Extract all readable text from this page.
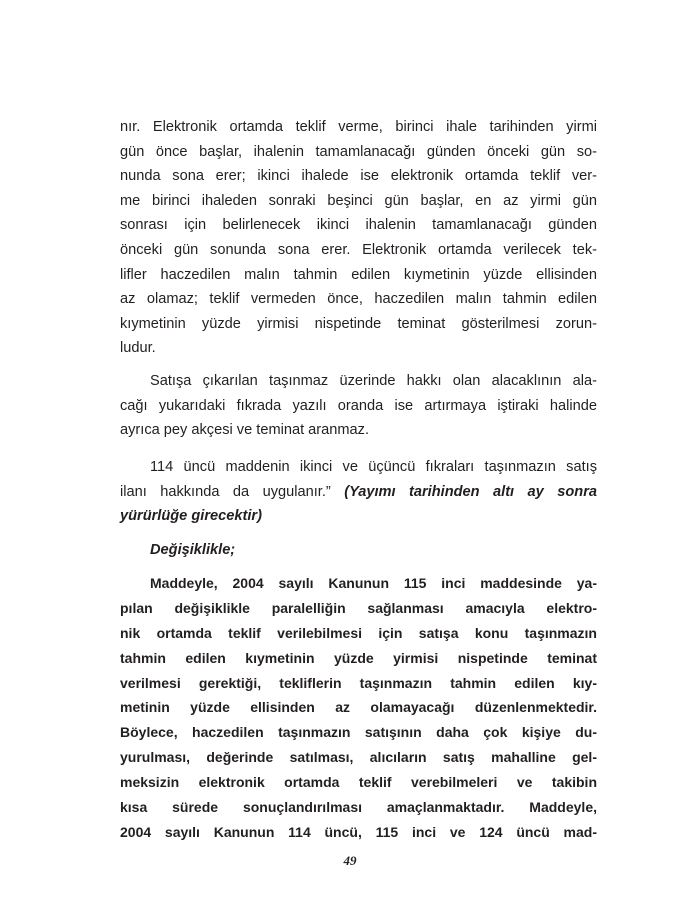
nır. Elektronik ortamda teklif verme, birinci ihale tarihinden yirmi
gün önce başlar, ihalenin tamamlanacağı günden önceki gün so-
nunda sona erer; ikinci ihalede ise elektronik ortamda teklif ver-
me birinci ihaleden sonraki beşinci gün başlar, en az yirmi gün
sonrası için belirlenecek ikinci ihalenin tamamlanacağı günden
önceki gün sonunda sona erer. Elektronik ortamda verilecek tek-
lifler haczedilen malın tahmin edilen kıymetinin yüzde ellisinden
az olamaz; teklif vermeden önce, haczedilen malın tahmin edilen
kıymetinin yüzde yirmisi nispetinde teminat gösterilmesi zorun-
ludur.
Satışa çıkarılan taşınmaz üzerinde hakkı olan alacaklının ala-
cağı yukarıdaki fıkrada yazılı oranda ise artırmaya iştiraki halinde
ayrıca pey akçesi ve teminat aranmaz.
114 üncü maddenin ikinci ve üçüncü fıkraları taşınmazın satış
ilanı hakkında da uygulanır.” (Yayımı tarihinden altı ay sonra
yürürlüğe girecektir)
Değişiklikle;
Maddeyle, 2004 sayılı Kanunun 115 inci maddesinde ya-
pılan değişiklikle paralelliğin sağlanması amacıyla elektro-
nik ortamda teklif verilebilmesi için satışa konu taşınmazın
tahmin edilen kıymetinin yüzde yirmisi nispetinde teminat
verilmesi gerektiği, tekliflerin taşınmazın tahmin edilen kıy-
metinin yüzde ellisinden az olamayacağı düzenlenmektedir.
Böylece, haczedilen taşınmazın satışının daha çok kişiye du-
yurulması, değerinde satılması, alıcıların satış mahalline gel-
meksizin elektronik ortamda teklif verebilmeleri ve takibin
kısa sürede sonuçlandırılması amaçlanmaktadır. Maddeyle,
2004 sayılı Kanunun 114 üncü, 115 inci ve 124 üncü mad-
49
